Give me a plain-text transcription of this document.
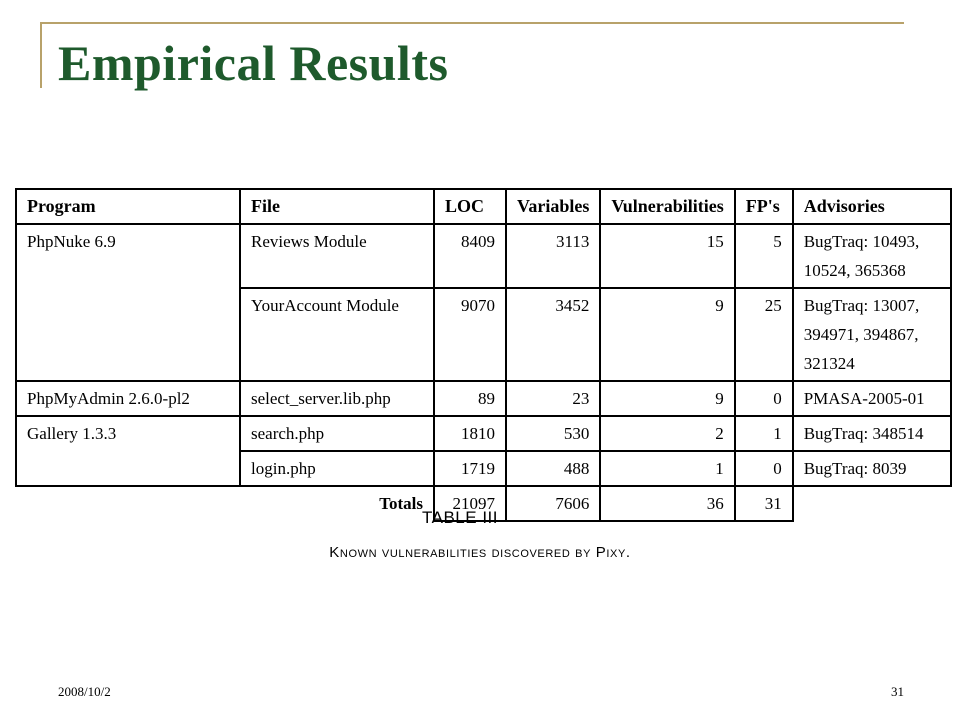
Empirical Results
Program	File	LOC	Variables	Vulnerabilities	FP's	Advisories
PhpNuke 6.9	Reviews Module	8409	3113	15	5	BugTraq: 10493, 10524, 365368
	YourAccount Module	9070	3452	9	25	BugTraq: 13007, 394971, 394867, 321324
PhpMyAdmin 2.6.0-pl2	select_server.lib.php	89	23	9	0	PMASA-2005-01
Gallery 1.3.3	search.php	1810	530	2	1	BugTraq: 348514
	login.php	1719	488	1	0	BugTraq: 8039
Totals		21097	7606	36	31	
TABLE III
Known vulnerabilities discovered by Pixy.
2008/10/2	31
